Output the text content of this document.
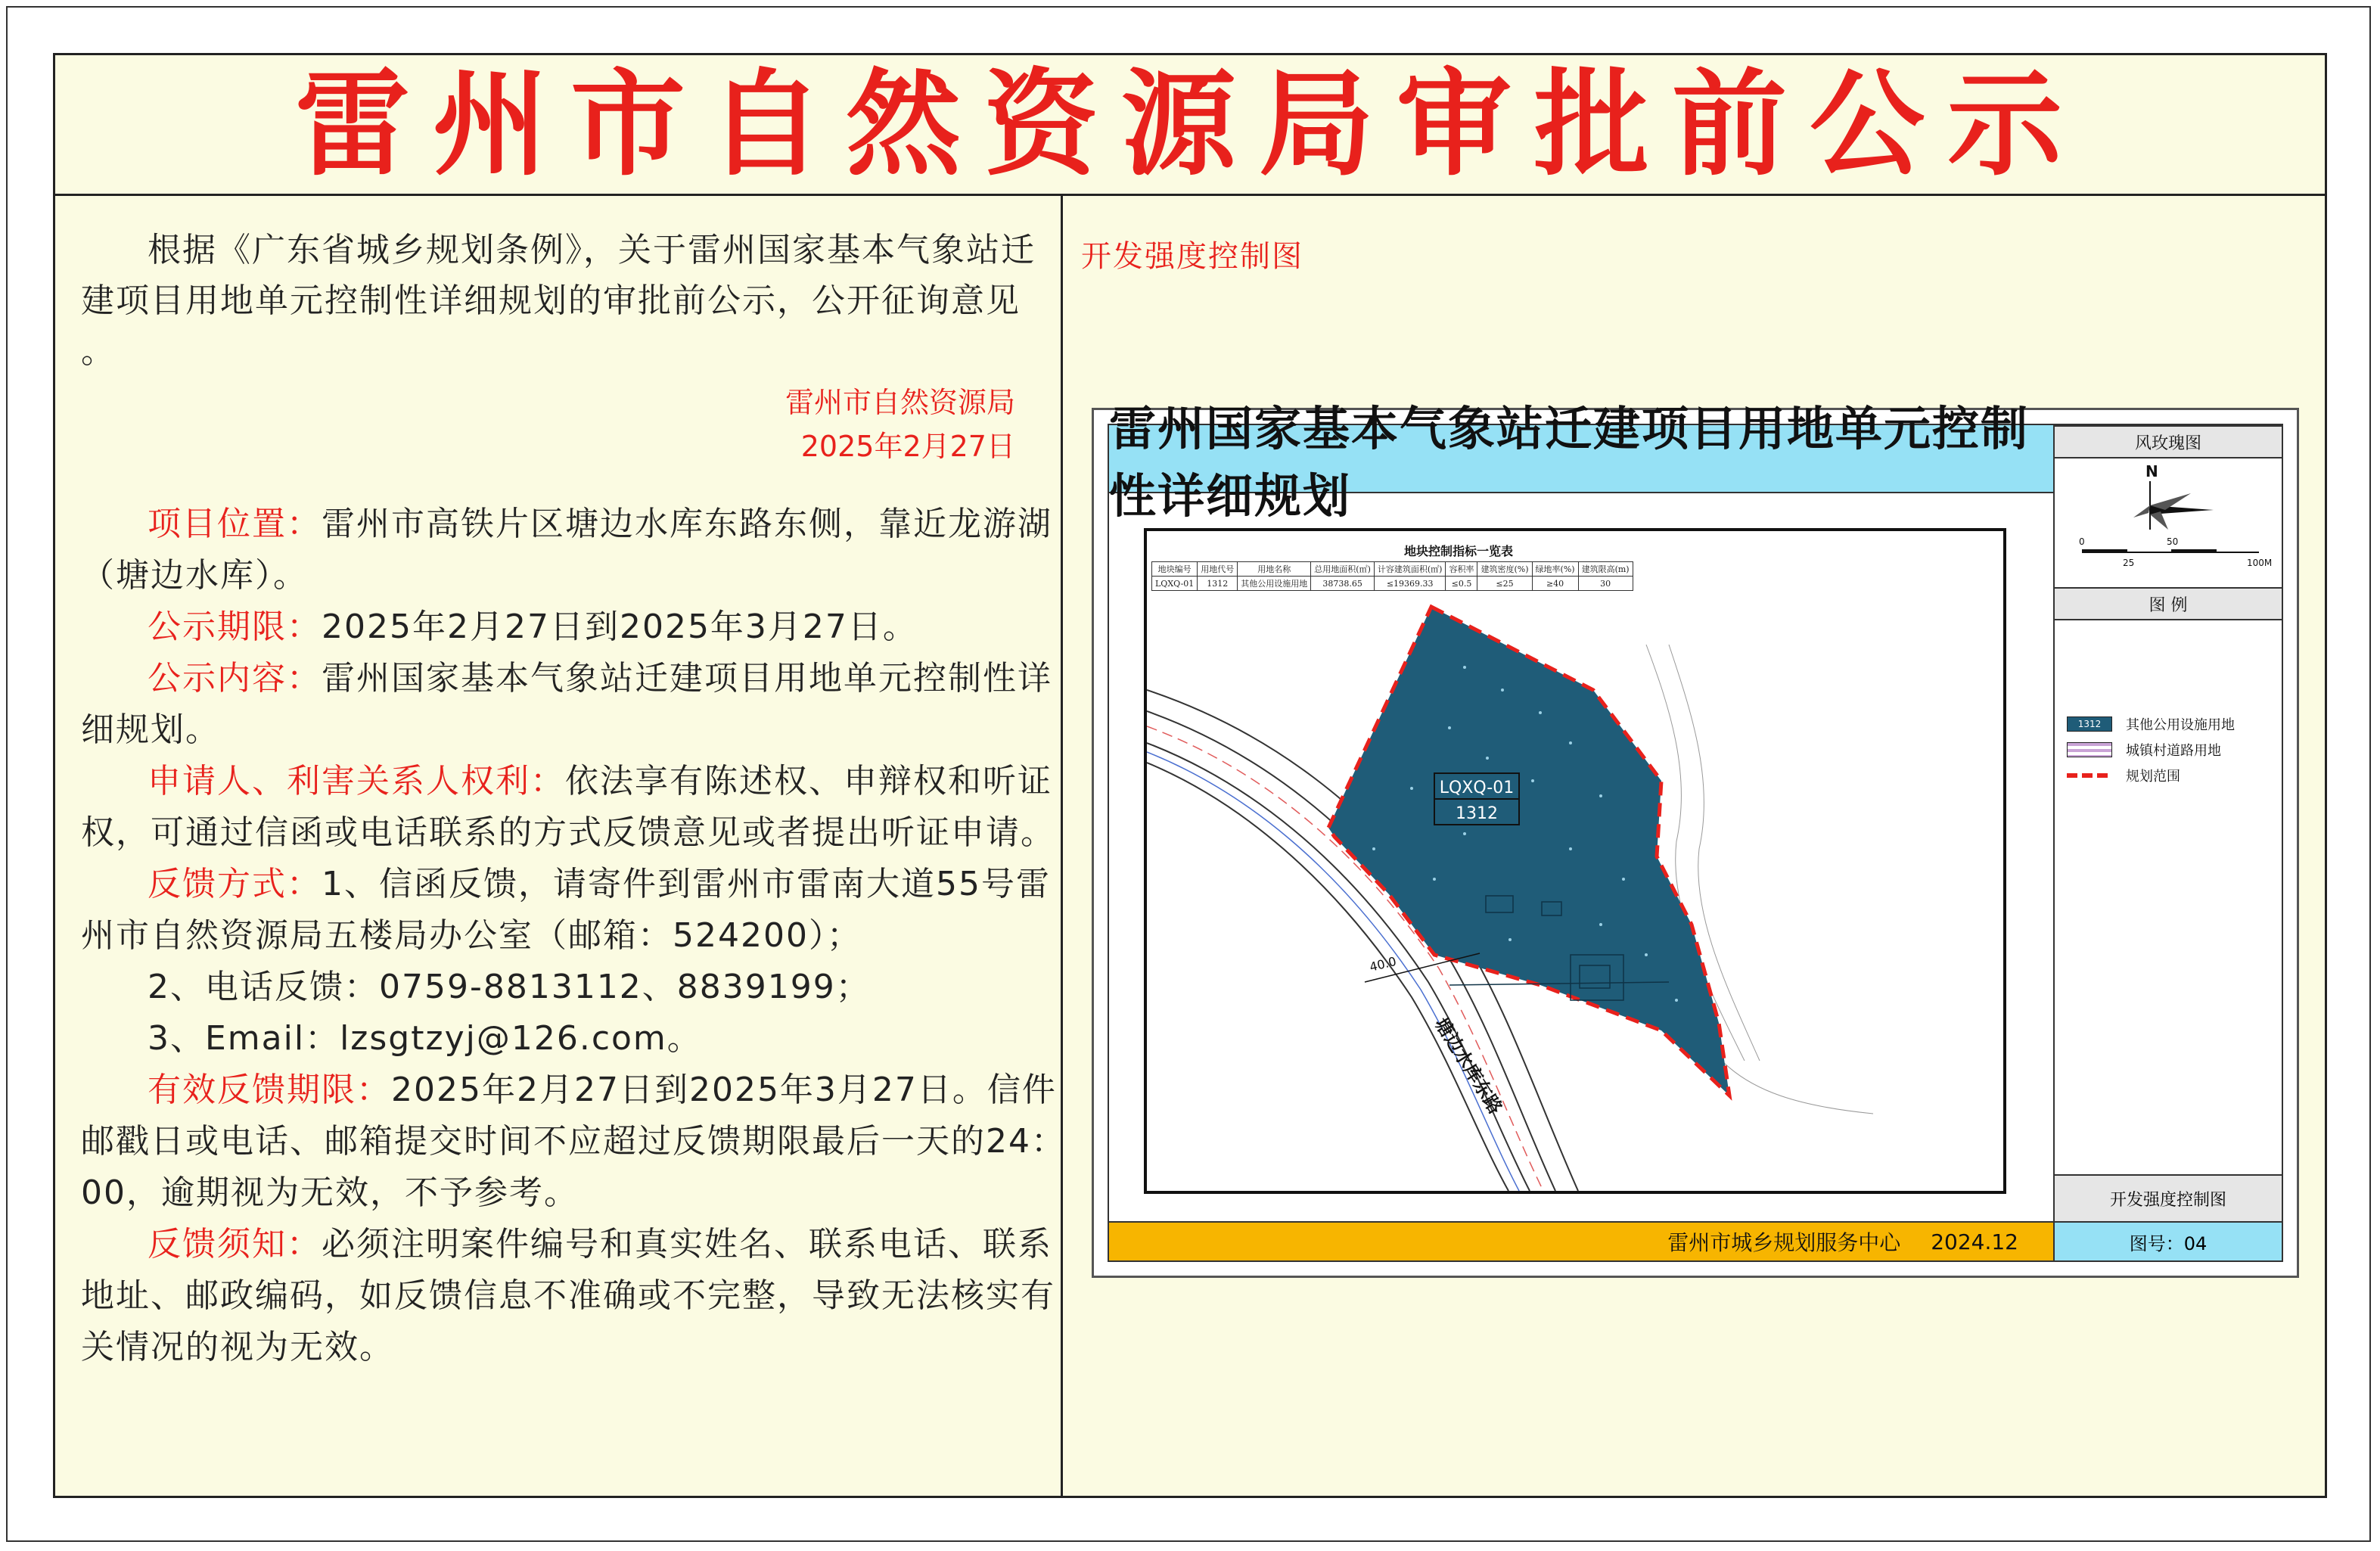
雷州市自然资源局审批前公示

根据《广东省城乡规划条例》，关于雷州国家基本气象站迁建项目用地单元控制性详细规划的审批前公示，公开征询意见 。

雷州市自然资源局
2025年2月27日

项目位置：雷州市高铁片区塘边水库东路东侧，靠近龙游湖（塘边水库）。

公示期限：2025年2月27日到2025年3月27日。

公示内容：雷州国家基本气象站迁建项目用地单元控制性详细规划。

申请人、利害关系人权利：依法享有陈述权、申辩权和听证权，可通过信函或电话联系的方式反馈意见或者提出听证申请。

反馈方式：1、信函反馈，请寄件到雷州市雷南大道55号雷州市自然资源局五楼局办公室（邮箱：524200）；

2、电话反馈：0759-8813112、8839199；

3、Email：lzsgtzyj@126.com。

有效反馈期限：2025年2月27日到2025年3月27日。信件邮戳日或电话、邮箱提交时间不应超过反馈期限最后一天的24：00，逾期视为无效，不予参考。

反馈须知：必须注明案件编号和真实姓名、联系电话、联系地址、邮政编码，如反馈信息不准确或不完整，导致无法核实有关情况的视为无效。

开发强度控制图
雷州国家基本气象站迁建项目用地单元控制性详细规划
地块控制指标一览表
地块编号	用地代号	用地名称	总用地面积(㎡)	计容建筑面积(㎡)	容积率	建筑密度(%)	绿地率(%)	建筑限高(m)
LQXQ-01	1312	其他公用设施用地	38738.65	≤19369.33	≤0.5	≤25	≥40	30
LQXQ-01
1312
40.0
塘边水库东路
风玫瑰图
N
0
25
50
100M
图 例
1312	其他公用设施用地
城镇村道路用地
规划范围
开发强度控制图
图号：04
雷州市城乡规划服务中心 2024.12
